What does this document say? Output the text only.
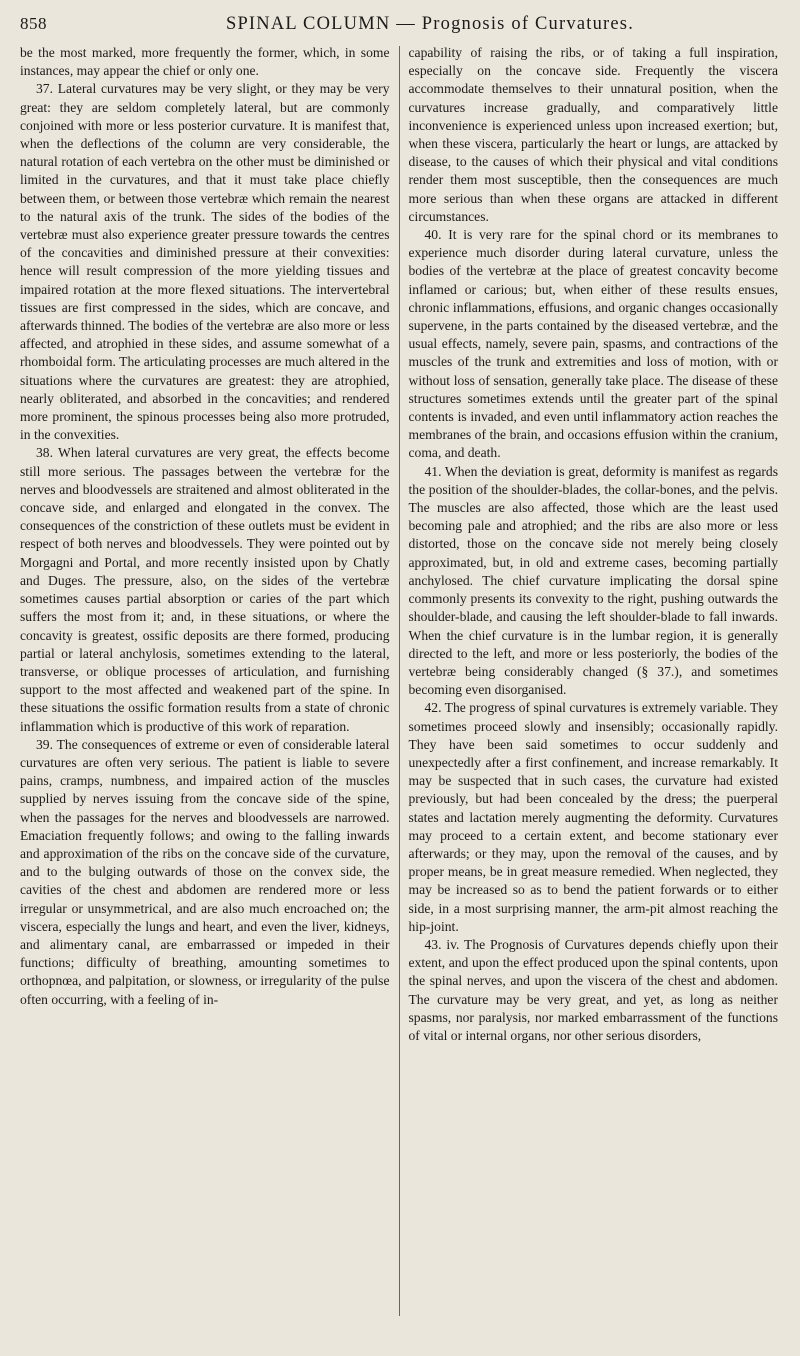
858	SPINAL COLUMN — Prognosis of Curvatures.

be the most marked, more frequently the former, which, in some instances, may appear the chief or only one.

37. Lateral curvatures may be very slight, or they may be very great: they are seldom completely lateral, but are commonly conjoined with more or less posterior curvature. It is manifest that, when the deflections of the column are very considerable, the natural rotation of each vertebra on the other must be diminished or limited in the curvatures, and that it must take place chiefly between them, or between those vertebræ which remain the nearest to the natural axis of the trunk. The sides of the bodies of the vertebræ must also experience greater pressure towards the centres of the concavities and diminished pressure at their convexities: hence will result compression of the more yielding tissues and impaired rotation at the more flexed situations. The intervertebral tissues are first compressed in the sides, which are concave, and afterwards thinned. The bodies of the vertebræ are also more or less affected, and atrophied in these sides, and assume somewhat of a rhomboidal form. The articulating processes are much altered in the situations where the curvatures are greatest: they are atrophied, nearly obliterated, and absorbed in the concavities; and rendered more prominent, the spinous processes being also more protruded, in the convexities.

38. When lateral curvatures are very great, the effects become still more serious. The passages between the vertebræ for the nerves and bloodvessels are straitened and almost obliterated in the concave side, and enlarged and elongated in the convex. The consequences of the constriction of these outlets must be evident in respect of both nerves and bloodvessels. They were pointed out by Morgagni and Portal, and more recently insisted upon by Chatly and Duges. The pressure, also, on the sides of the vertebræ sometimes causes partial absorption or caries of the part which suffers the most from it; and, in these situations, or where the concavity is greatest, ossific deposits are there formed, producing partial or lateral anchylosis, sometimes extending to the lateral, transverse, or oblique processes of articulation, and furnishing support to the most affected and weakened part of the spine. In these situations the ossific formation results from a state of chronic inflammation which is productive of this work of reparation.

39. The consequences of extreme or even of considerable lateral curvatures are often very serious. The patient is liable to severe pains, cramps, numbness, and impaired action of the muscles supplied by nerves issuing from the concave side of the spine, when the passages for the nerves and bloodvessels are narrowed. Emaciation frequently follows; and owing to the falling inwards and approximation of the ribs on the concave side of the curvature, and to the bulging outwards of those on the convex side, the cavities of the chest and abdomen are rendered more or less irregular or unsymmetrical, and are also much encroached on; the viscera, especially the lungs and heart, and even the liver, kidneys, and alimentary canal, are embarrassed or impeded in their functions; difficulty of breathing, amounting sometimes to orthopnœa, and palpitation, or slowness, or irregularity of the pulse often occurring, with a feeling of in-

capability of raising the ribs, or of taking a full inspiration, especially on the concave side. Frequently the viscera accommodate themselves to their unnatural position, when the curvatures increase gradually, and comparatively little inconvenience is experienced unless upon increased exertion; but, when these viscera, particularly the heart or lungs, are attacked by disease, to the causes of which their physical and vital conditions render them most susceptible, then the consequences are much more serious than when these organs are attacked in different circumstances.

40. It is very rare for the spinal chord or its membranes to experience much disorder during lateral curvature, unless the bodies of the vertebræ at the place of greatest concavity become inflamed or carious; but, when either of these results ensues, chronic inflammations, effusions, and organic changes occasionally supervene, in the parts contained by the diseased vertebræ, and the usual effects, namely, severe pain, spasms, and contractions of the muscles of the trunk and extremities and loss of motion, with or without loss of sensation, generally take place. The disease of these structures sometimes extends until the greater part of the spinal contents is invaded, and even until inflammatory action reaches the membranes of the brain, and occasions effusion within the cranium, coma, and death.

41. When the deviation is great, deformity is manifest as regards the position of the shoulder-blades, the collar-bones, and the pelvis. The muscles are also affected, those which are the least used becoming pale and atrophied; and the ribs are also more or less distorted, those on the concave side not merely being closely approximated, but, in old and extreme cases, becoming partially anchylosed. The chief curvature implicating the dorsal spine commonly presents its convexity to the right, pushing outwards the shoulder-blade, and causing the left shoulder-blade to fall inwards. When the chief curvature is in the lumbar region, it is generally directed to the left, and more or less posteriorly, the bodies of the vertebræ being considerably changed (§ 37.), and sometimes becoming even disorganised.

42. The progress of spinal curvatures is extremely variable. They sometimes proceed slowly and insensibly; occasionally rapidly. They have been said sometimes to occur suddenly and unexpectedly after a first confinement, and increase remarkably. It may be suspected that in such cases, the curvature had existed previously, but had been concealed by the dress; the puerperal states and lactation merely augmenting the deformity. Curvatures may proceed to a certain extent, and become stationary ever afterwards; or they may, upon the removal of the causes, and by proper means, be in great measure remedied. When neglected, they may be increased so as to bend the patient forwards or to either side, in a most surprising manner, the arm-pit almost reaching the hip-joint.

43. iv. The Prognosis of Curvatures depends chiefly upon their extent, and upon the effect produced upon the spinal contents, upon the spinal nerves, and upon the viscera of the chest and abdomen. The curvature may be very great, and yet, as long as neither spasms, nor paralysis, nor marked embarrassment of the functions of vital or internal organs, nor other serious disorders,
